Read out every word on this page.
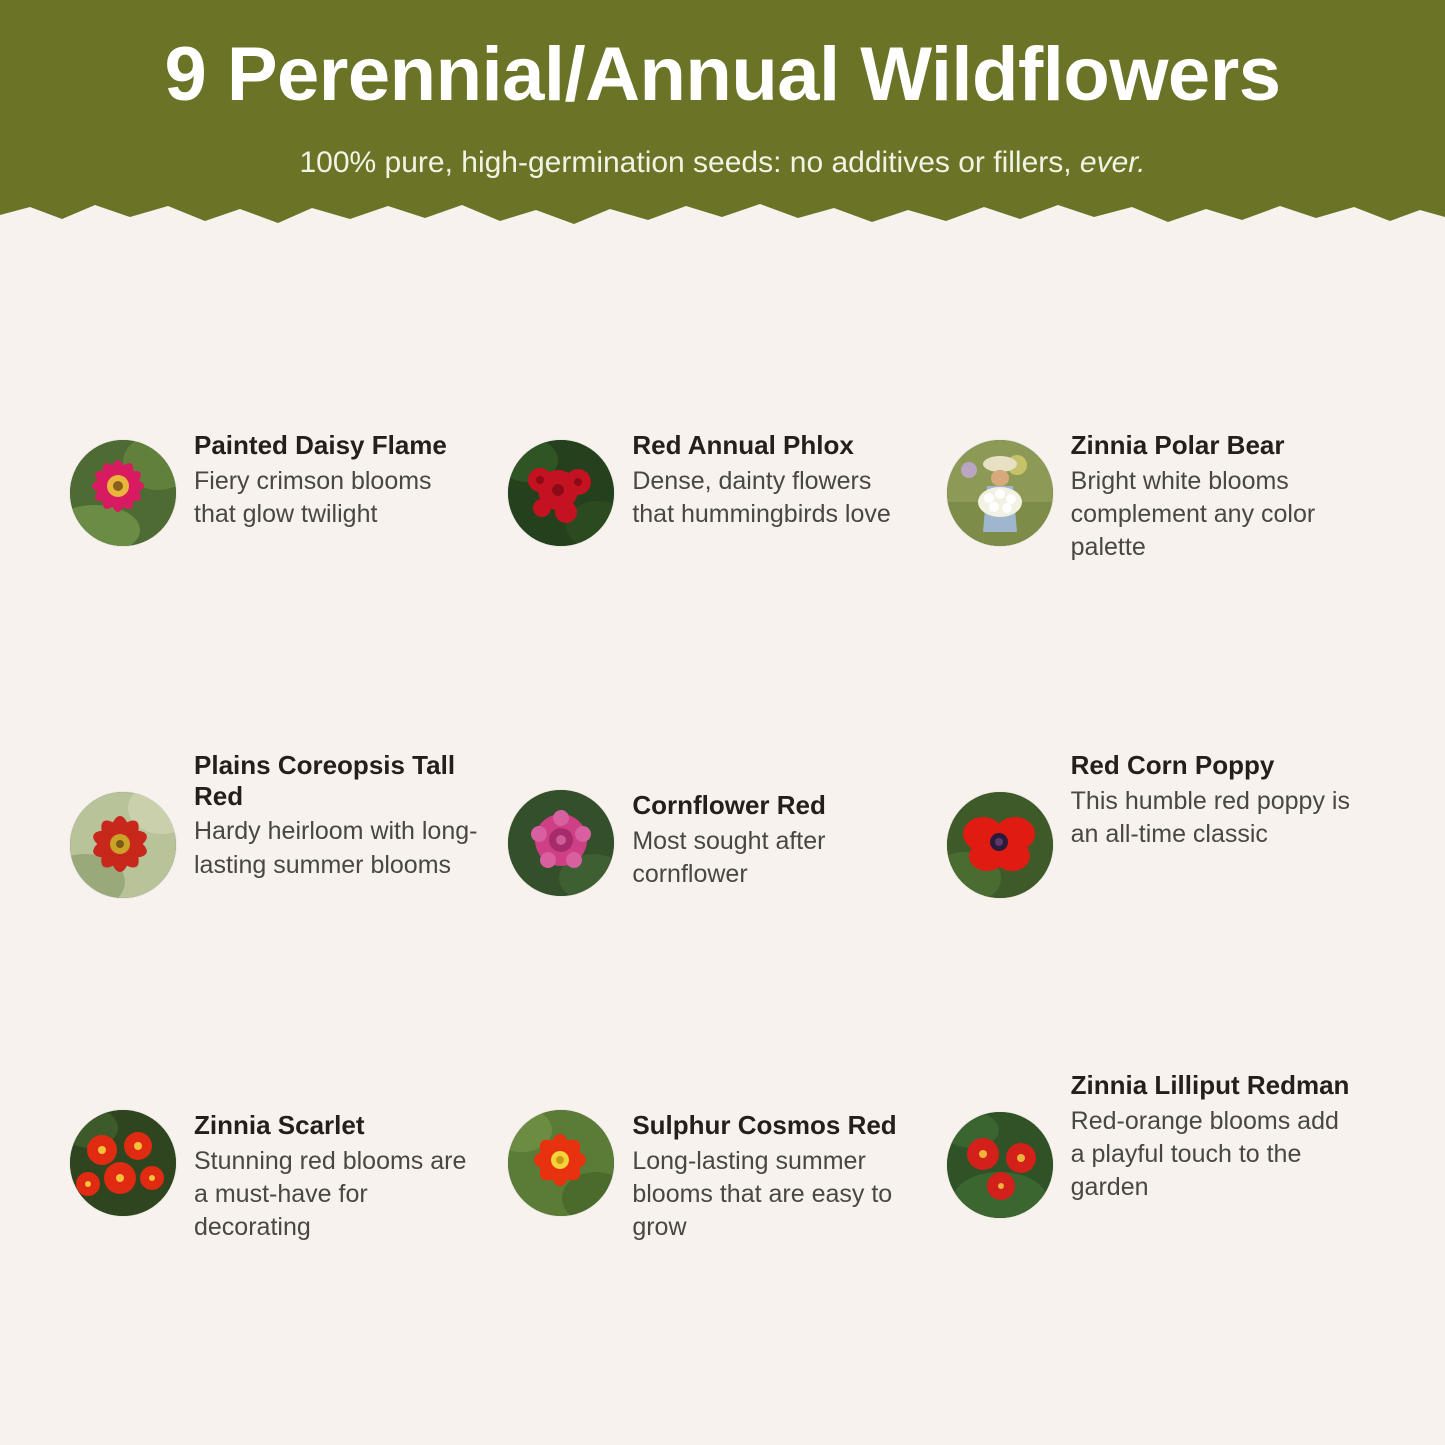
9 Perennial/Annual Wildflowers
100% pure, high-germination seeds: no additives or fillers, ever.
Painted Daisy Flame
Fiery crimson blooms that glow twilight
Red Annual Phlox
Dense, dainty flowers that hummingbirds love
Zinnia Polar Bear
Bright white blooms complement any color palette
Plains Coreopsis Tall Red
Hardy heirloom with long-lasting summer blooms
Cornflower Red
Most sought after cornflower
Red Corn Poppy
This humble red poppy is an all-time classic
Zinnia Scarlet
Stunning red blooms are a must-have for decorating
Sulphur Cosmos Red
Long-lasting summer blooms that are easy to grow
Zinnia Lilliput Redman
Red-orange blooms add a playful touch to the garden
